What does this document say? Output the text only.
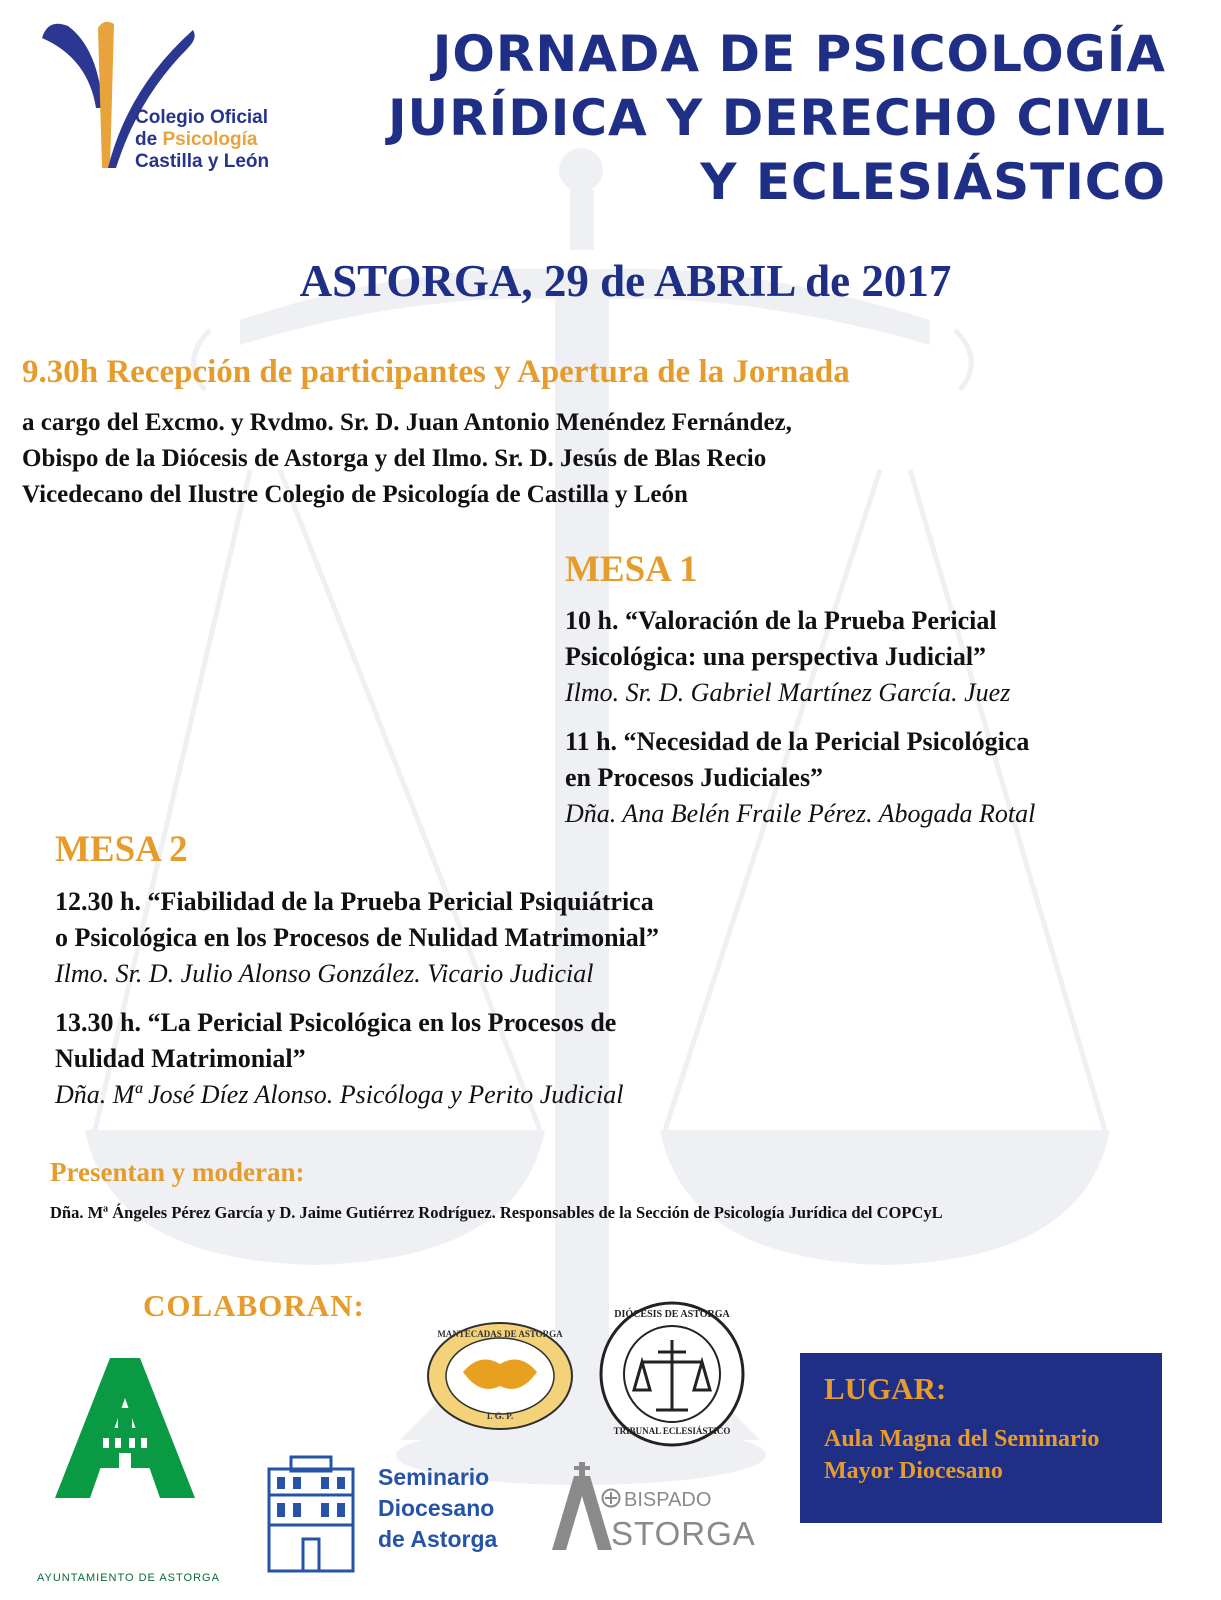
Colegio Oficial
de Psicología
Castilla y León
JORNADA DE PSICOLOGÍA
JURÍDICA Y DERECHO CIVIL
Y ECLESIÁSTICO
ASTORGA, 29 de ABRIL de 2017
9.30h Recepción de participantes y Apertura de la Jornada
a cargo del Excmo. y Rvdmo. Sr. D. Juan Antonio Menéndez Fernández,
Obispo de la Diócesis de Astorga y del Ilmo. Sr. D. Jesús de Blas Recio
Vicedecano del Ilustre Colegio de Psicología de Castilla y León
MESA 1
10 h. “Valoración de la Prueba Pericial
Psicológica: una perspectiva Judicial”
Ilmo. Sr. D. Gabriel Martínez García. Juez
11 h. “Necesidad de la Pericial Psicológica
en Procesos Judiciales”
Dña. Ana Belén Fraile Pérez. Abogada Rotal
MESA 2
12.30 h. “Fiabilidad de la Prueba Pericial Psiquiátrica
o Psicológica en los Procesos de Nulidad Matrimonial”
Ilmo. Sr. D. Julio Alonso González. Vicario Judicial
13.30 h. “La Pericial Psicológica en los Procesos de
Nulidad Matrimonial”
Dña. Mª José Díez Alonso. Psicóloga y Perito Judicial
Presentan y moderan:
Dña. Mª Ángeles Pérez García y D. Jaime Gutiérrez Rodríguez. Responsables de la Sección de Psicología Jurídica del COPCyL
COLABORAN:
AYUNTAMIENTO DE ASTORGA
Seminario
Diocesano
de Astorga
MANTECADAS DE ASTORGA
I. G. P.
DIÓCESIS DE ASTORGA
TRIBUNAL ECLESIÁSTICO
BISPADO
STORGA
LUGAR:
Aula Magna del Seminario
Mayor Diocesano
